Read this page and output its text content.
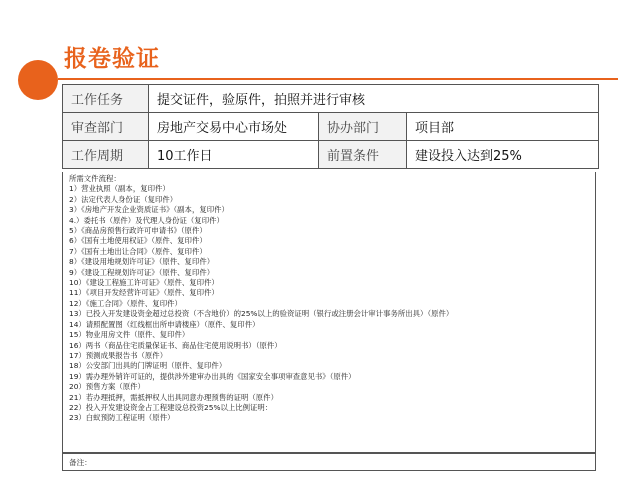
报卷验证
工作任务	提交证件，验原件，拍照并进行审核		
审查部门	房地产交易中心市场处	协办部门	项目部
工作周期	10工作日	前置条件	建设投入达到25%
所需文件流程：
1）营业执照（副本，复印件）
2）法定代表人身份证（复印件）
3）《房地产开发企业资质证书》（副本，复印件）
4.）委托书（原件）及代理人身份证（复印件）
5）《商品房预售行政许可申请书》（原件）
6）《国有土地使用权证》（原件、复印件）
7）《国有土地出让合同》（原件、复印件）
8）《建设用地规划许可证》（原件、复印件）
9）《建设工程规划许可证》（原件、复印件）
10）《建设工程施工许可证》（原件、复印件）
11）《项目开发经营许可证》（原件、复印件）
12）《施工合同》（原件、复印件）
13）已投入开发建设资金超过总投资（不含地价）的25%以上的验资证明（银行或注册会计审计事务所出具）（原件）
14）请照配置图（红线框出所申请楼座）（原件、复印件）
15）物业用房文件（原件、复印件）
16）两书（商品住宅质量保证书、商品住宅使用说明书）（原件）
17）预测成果报告书（原件）
18）公安部门出具的门牌证明（原件、复印件）
19）需办理外销许可证的，提供涉外建审办出具的《国家安全事项审查意见书》（原件）
20）预售方案（原件）
21）若办理抵押，需抵押权人出具同意办理预售的证明（原件）
22）投入开发建设资金占工程建设总投资25%以上比例证明：
23）白蚁预防工程证明（原件）
备注：
